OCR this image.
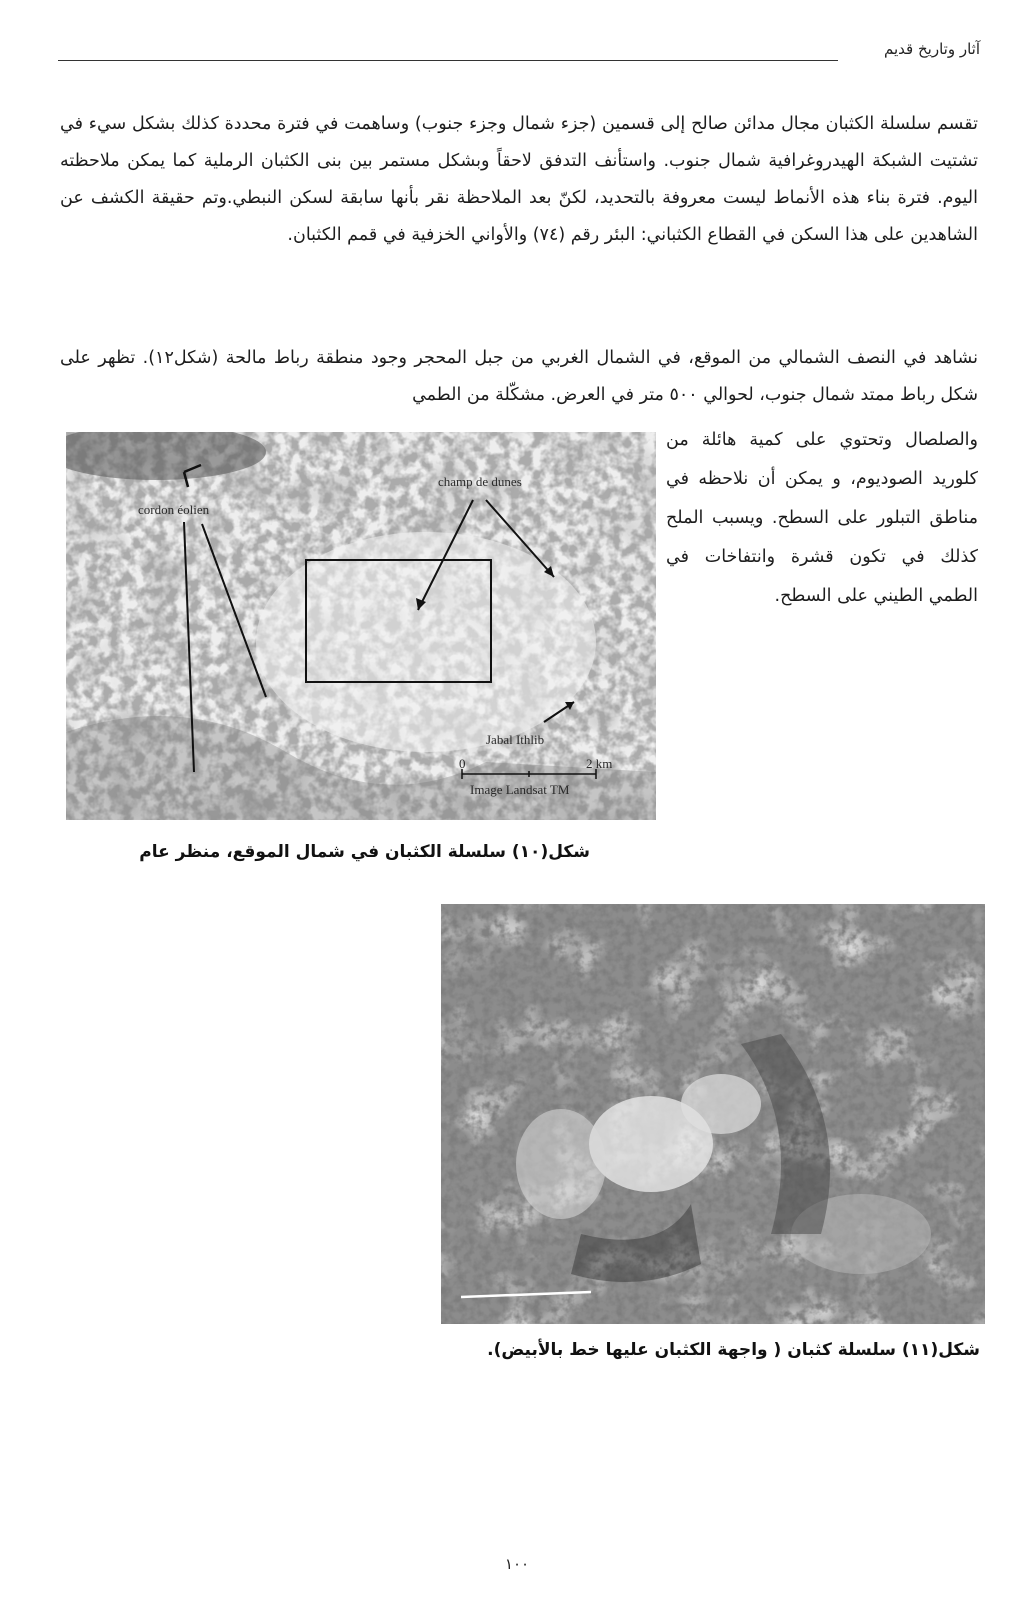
آثار وتاريخ قديم

تقسم سلسلة الكثبان مجال مدائن صالح إلى قسمين (جزء شمال وجزء جنوب) وساهمت في فترة محددة كذلك بشكل سيء في تشتيت الشبكة الهيدروغرافية شمال جنوب. واستأنف التدفق لاحقاً وبشكل مستمر بين بنى الكثبان الرملية كما يمكن ملاحظته اليوم. فترة بناء هذه الأنماط ليست معروفة بالتحديد، لكنّ بعد الملاحظة نقر بأنها سابقة لسكن النبطي.وتم حقيقة الكشف عن الشاهدين على هذا السكن في القطاع الكثباني: البئر رقم (٧٤) والأواني الخزفية في قمم الكثبان.

نشاهد في النصف الشمالي من الموقع، في الشمال الغربي من جبل المحجر وجود منطقة رباط مالحة (شكل١٢). تظهر على شكل رباط ممتد شمال جنوب، لحوالي ٥٠٠ متر في العرض. مشكّلة من الطمي

والصلصال وتحتوي على كمية هائلة من كلوريد الصوديوم، و يمكن أن نلاحظه في مناطق التبلور على السطح. ويسبب الملح كذلك في تكون قشرة وانتفاخات في الطمي الطيني على السطح.

cordon éolien
champ de dunes
Jabal Ithlib
0	2 km
Image Landsat TM
شكل(١٠) سلسلة الكثبان في شمال الموقع، منظر عام
شكل(١١) سلسلة كثبان ( واجهة الكثبان عليها خط بالأبيض).
١٠٠
